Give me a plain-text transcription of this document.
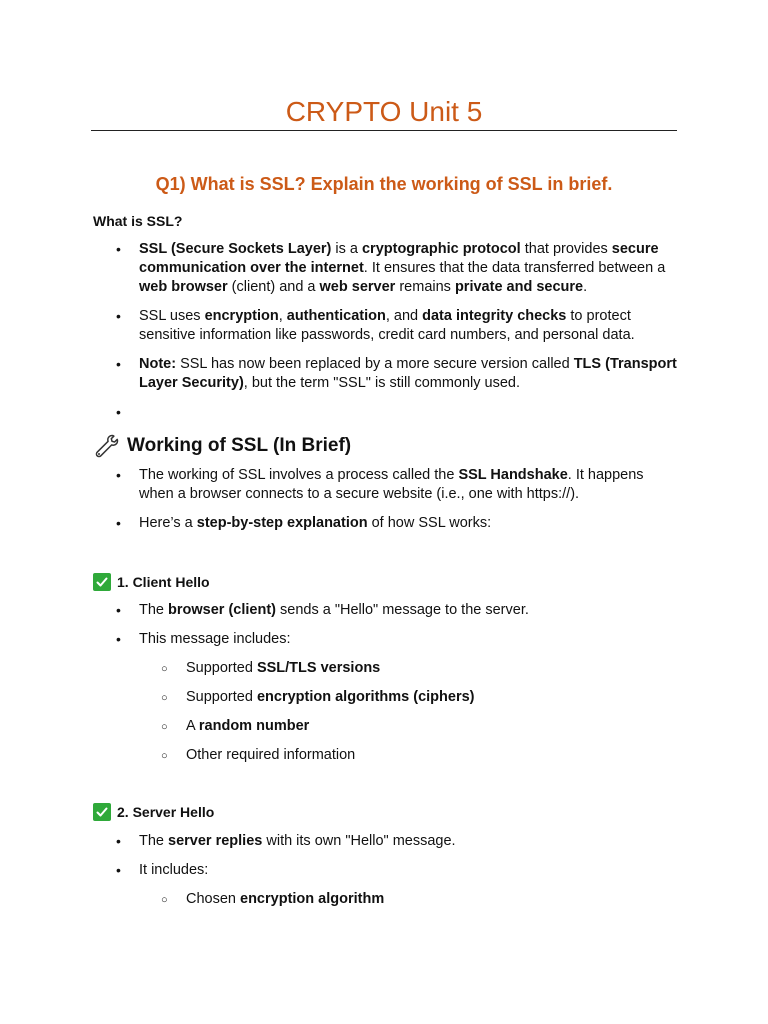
CRYPTO Unit 5
Q1) What is SSL? Explain the working of SSL in brief.

What is SSL?

• SSL (Secure Sockets Layer) is a cryptographic protocol that provides secure communication over the internet. It ensures that the data transferred between a web browser (client) and a web server remains private and secure.
• SSL uses encryption, authentication, and data integrity checks to protect sensitive information like passwords, credit card numbers, and personal data.
• Note: SSL has now been replaced by a more secure version called TLS (Transport Layer Security), but the term "SSL" is still commonly used.
•
Working of SSL (In Brief)
• The working of SSL involves a process called the SSL Handshake. It happens when a browser connects to a secure website (i.e., one with https://).
• Here’s a step-by-step explanation of how SSL works:

1. Client Hello

• The browser (client) sends a "Hello" message to the server.
• This message includes:
○ Supported SSL/TLS versions
○ Supported encryption algorithms (ciphers)
○ A random number
○ Other required information

2. Server Hello

• The server replies with its own "Hello" message.
• It includes:
○ Chosen encryption algorithm
